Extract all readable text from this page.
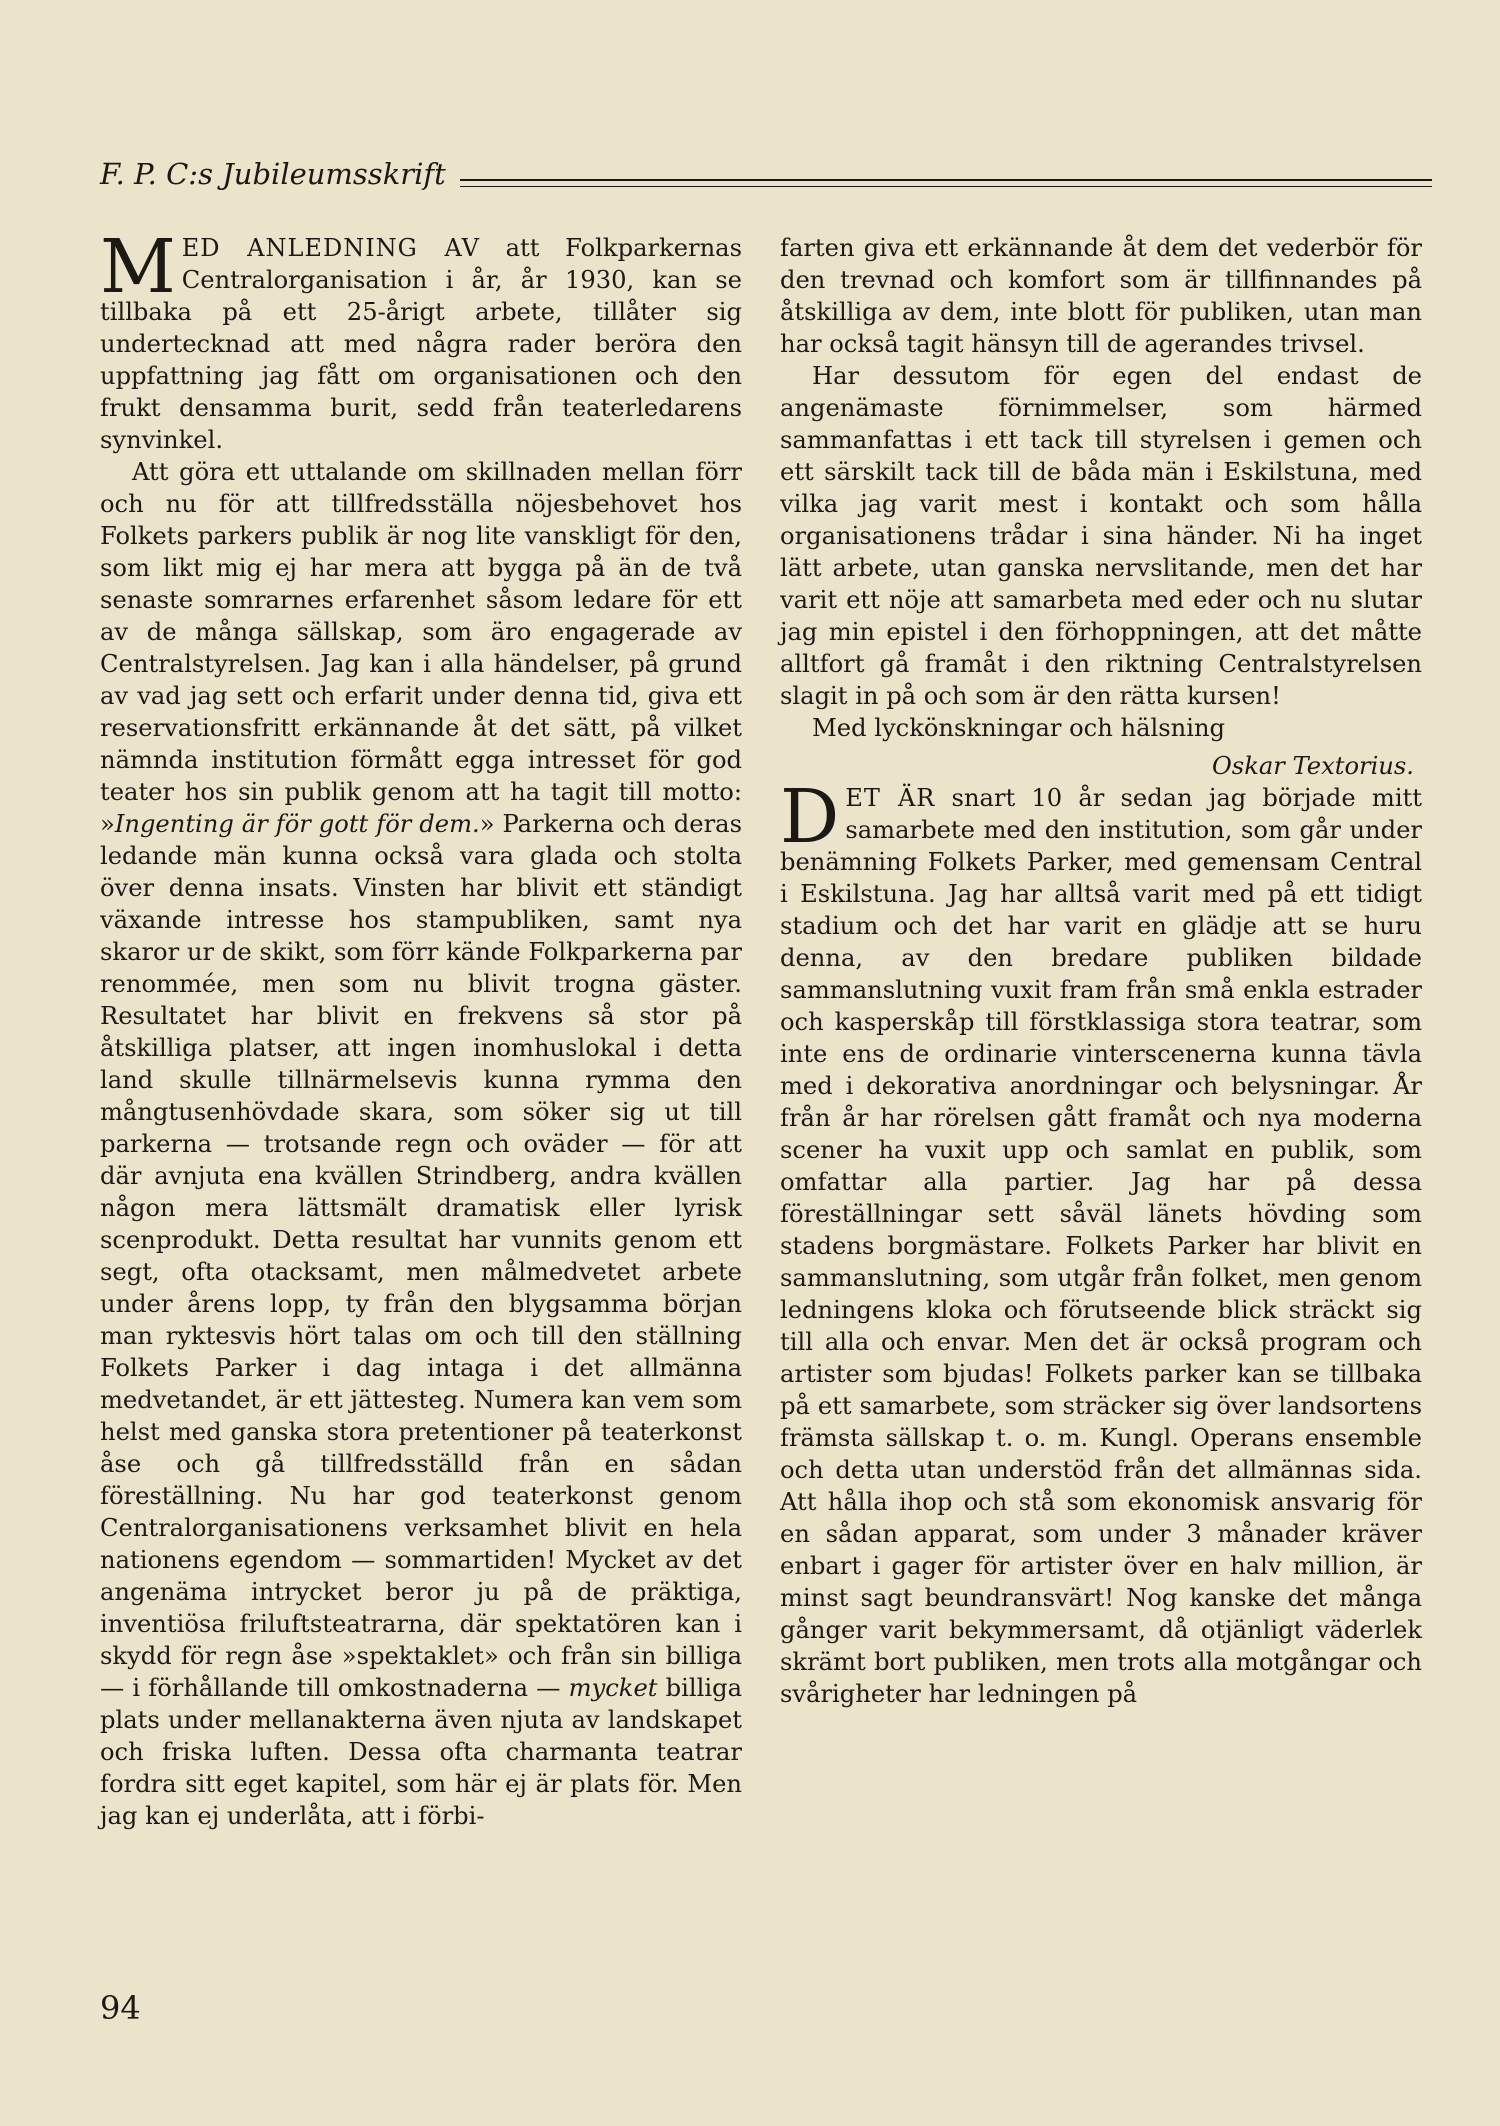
F. P. C:s Jubileumsskrift

MED ANLEDNING AV att Folkparkernas Centralorganisation i år, år 1930, kan se tillbaka på ett 25-årigt arbete, tillåter sig undertecknad att med några rader beröra den uppfattning jag fått om organisationen och den frukt densamma burit, sedd från teaterledarens synvinkel.

Att göra ett uttalande om skillnaden mellan förr och nu för att tillfredsställa nöjesbehovet hos Folkets parkers publik är nog lite vanskligt för den, som likt mig ej har mera att bygga på än de två senaste somrarnes erfarenhet såsom ledare för ett av de många sällskap, som äro engagerade av Centralstyrelsen. Jag kan i alla händelser, på grund av vad jag sett och erfarit under denna tid, giva ett reservationsfritt erkännande åt det sätt, på vilket nämnda institution förmått egga intresset för god teater hos sin publik genom att ha tagit till motto: »Ingenting är för gott för dem.» Parkerna och deras ledande män kunna också vara glada och stolta över denna insats. Vinsten har blivit ett ständigt växande intresse hos stampubliken, samt nya skaror ur de skikt, som förr kände Folkparkerna par renommée, men som nu blivit trogna gäster. Resultatet har blivit en frekvens så stor på åtskilliga platser, att ingen inomhuslokal i detta land skulle tillnärmelsevis kunna rymma den mångtusenhövdade skara, som söker sig ut till parkerna — trotsande regn och oväder — för att där avnjuta ena kvällen Strindberg, andra kvällen någon mera lättsmält dramatisk eller lyrisk scenprodukt. Detta resultat har vunnits genom ett segt, ofta otacksamt, men målmedvetet arbete under årens lopp, ty från den blygsamma början man ryktesvis hört talas om och till den ställning Folkets Parker i dag intaga i det allmänna medvetandet, är ett jättesteg. Numera kan vem som helst med ganska stora pretentioner på teaterkonst åse och gå tillfredsställd från en sådan föreställning. Nu har god teaterkonst genom Centralorganisationens verksamhet blivit en hela nationens egendom — sommartiden! Mycket av det angenäma intrycket beror ju på de präktiga, inventiösa friluftsteatrarna, där spektatören kan i skydd för regn åse »spektaklet» och från sin billiga — i förhållande till omkostnaderna — mycket billiga plats under mellanakterna även njuta av landskapet och friska luften. Dessa ofta charmanta teatrar fordra sitt eget kapitel, som här ej är plats för. Men jag kan ej underlåta, att i förbi-

farten giva ett erkännande åt dem det vederbör för den trevnad och komfort som är tillfinnandes på åtskilliga av dem, inte blott för publiken, utan man har också tagit hänsyn till de agerandes trivsel.

Har dessutom för egen del endast de angenämaste förnimmelser, som härmed sammanfattas i ett tack till styrelsen i gemen och ett särskilt tack till de båda män i Eskilstuna, med vilka jag varit mest i kontakt och som hålla organisationens trådar i sina händer. Ni ha inget lätt arbete, utan ganska nervslitande, men det har varit ett nöje att samarbeta med eder och nu slutar jag min epistel i den förhoppningen, att det måtte alltfort gå framåt i den riktning Centralstyrelsen slagit in på och som är den rätta kursen!

Med lyckönskningar och hälsning

Oskar Textorius.

DET ÄR snart 10 år sedan jag började mitt samarbete med den institution, som går under benämning Folkets Parker, med gemensam Central i Eskilstuna. Jag har alltså varit med på ett tidigt stadium och det har varit en glädje att se huru denna, av den bredare publiken bildade sammanslutning vuxit fram från små enkla estrader och kasperskåp till förstklassiga stora teatrar, som inte ens de ordinarie vinterscenerna kunna tävla med i dekorativa anordningar och belysningar. År från år har rörelsen gått framåt och nya moderna scener ha vuxit upp och samlat en publik, som omfattar alla partier. Jag har på dessa föreställningar sett såväl länets hövding som stadens borgmästare. Folkets Parker har blivit en sammanslutning, som utgår från folket, men genom ledningens kloka och förutseende blick sträckt sig till alla och envar. Men det är också program och artister som bjudas! Folkets parker kan se tillbaka på ett samarbete, som sträcker sig över landsortens främsta sällskap t. o. m. Kungl. Operans ensemble och detta utan understöd från det allmännas sida. Att hålla ihop och stå som ekonomisk ansvarig för en sådan apparat, som under 3 månader kräver enbart i gager för artister över en halv million, är minst sagt beundransvärt! Nog kanske det många gånger varit bekymmersamt, då otjänligt väderlek skrämt bort publiken, men trots alla motgångar och svårigheter har ledningen på

94
